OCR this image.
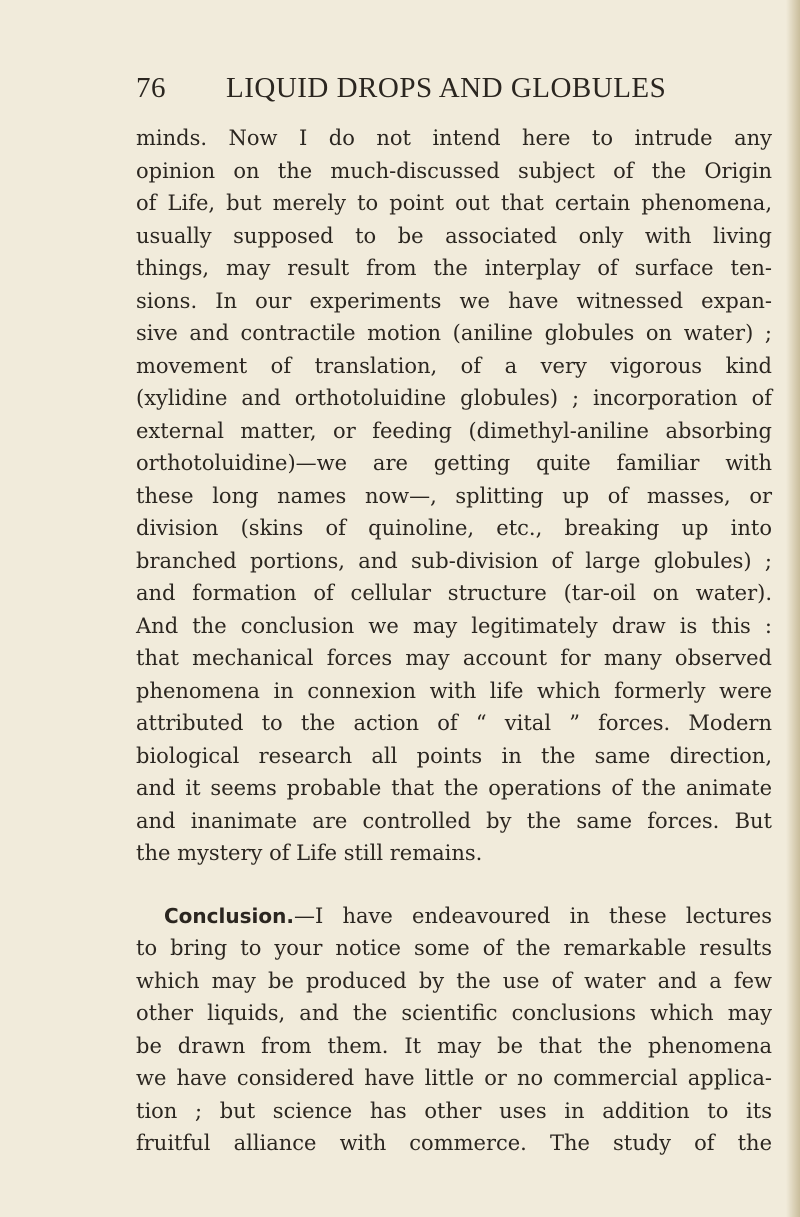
76 LIQUID DROPS AND GLOBULES
minds. Now I do not intend here to intrude any
opinion on the much-discussed subject of the Origin
of Life, but merely to point out that certain phenomena,
usually supposed to be associated only with living
things, may result from the interplay of surface ten-
sions. In our experiments we have witnessed expan-
sive and contractile motion (aniline globules on water) ;
movement of translation, of a very vigorous kind
(xylidine and orthotoluidine globules) ; incorporation of
external matter, or feeding (dimethyl-aniline absorbing
orthotoluidine)—we are getting quite familiar with
these long names now—, splitting up of masses, or
division (skins of quinoline, etc., breaking up into
branched portions, and sub-division of large globules) ;
and formation of cellular structure (tar-oil on water).
And the conclusion we may legitimately draw is this :
that mechanical forces may account for many observed
phenomena in connexion with life which formerly were
attributed to the action of “ vital ” forces. Modern
biological research all points in the same direction,
and it seems probable that the operations of the animate
and inanimate are controlled by the same forces. But
the mystery of Life still remains.
Conclusion.—I have endeavoured in these lectures
to bring to your notice some of the remarkable results
which may be produced by the use of water and a few
other liquids, and the scientific conclusions which may
be drawn from them. It may be that the phenomena
we have considered have little or no commercial applica-
tion ; but science has other uses in addition to its
fruitful alliance with commerce. The study of the
